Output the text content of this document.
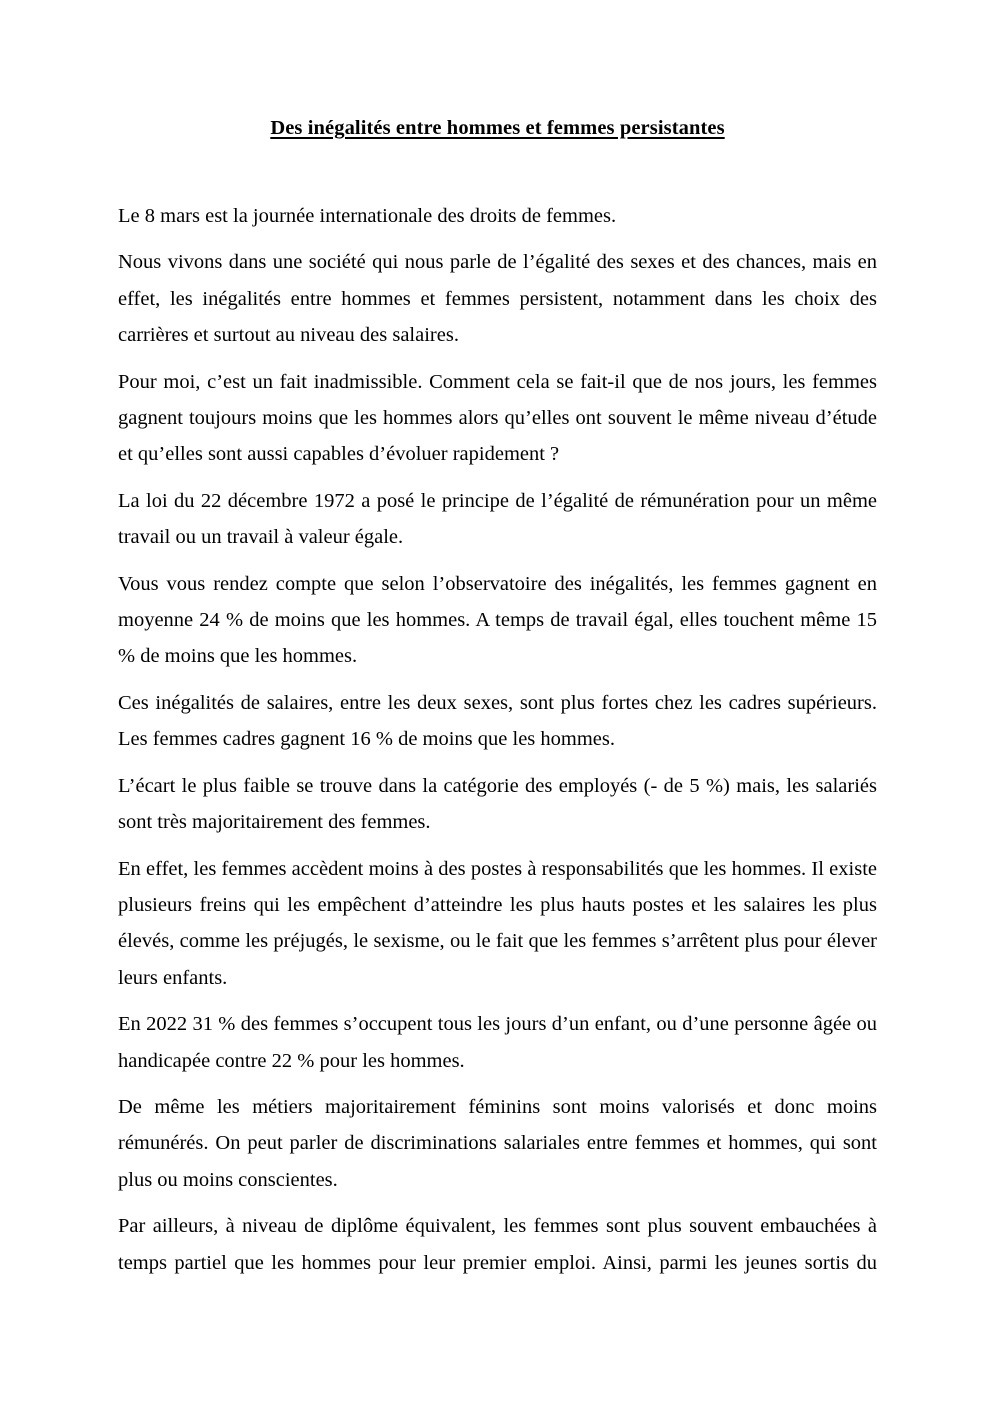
Des inégalités entre hommes et femmes persistantes

Le 8 mars est la journée internationale des droits de femmes.

Nous vivons dans une société qui nous parle de l’égalité des sexes et des chances, mais en effet, les inégalités entre hommes et femmes persistent, notamment dans les choix des carrières et surtout au niveau des salaires.

Pour moi, c’est un fait inadmissible. Comment cela se fait-il que de nos jours, les femmes gagnent toujours moins que les hommes alors qu’elles ont souvent le même niveau d’étude et qu’elles sont aussi capables d’évoluer rapidement ?

La loi du 22 décembre 1972 a posé le principe de l’égalité de rémunération pour un même travail ou un travail à valeur égale.

Vous vous rendez compte que selon l’observatoire des inégalités, les femmes gagnent en moyenne 24 % de moins que les hommes. A temps de travail égal, elles touchent même 15 % de moins que les hommes.

Ces inégalités de salaires, entre les deux sexes, sont plus fortes chez les cadres supérieurs. Les femmes cadres gagnent 16 % de moins que les hommes.

L’écart le plus faible se trouve dans la catégorie des employés (- de 5 %) mais, les salariés sont très majoritairement des femmes.

En effet, les femmes accèdent moins à des postes à responsabilités que les hommes. Il existe plusieurs freins qui les empêchent d’atteindre les plus hauts postes et les salaires les plus élevés, comme les préjugés, le sexisme, ou le fait que les femmes s’arrêtent plus pour élever leurs enfants.

En 2022 31 % des femmes s’occupent tous les jours d’un enfant, ou d’une personne âgée ou handicapée contre 22 % pour les hommes.

De même les métiers majoritairement féminins sont moins valorisés et donc moins rémunérés. On peut parler de discriminations salariales entre femmes et hommes, qui sont plus ou moins conscientes.

Par ailleurs, à niveau de diplôme équivalent, les femmes sont plus souvent embauchées à temps partiel que les hommes pour leur premier emploi. Ainsi, parmi les jeunes sortis du
